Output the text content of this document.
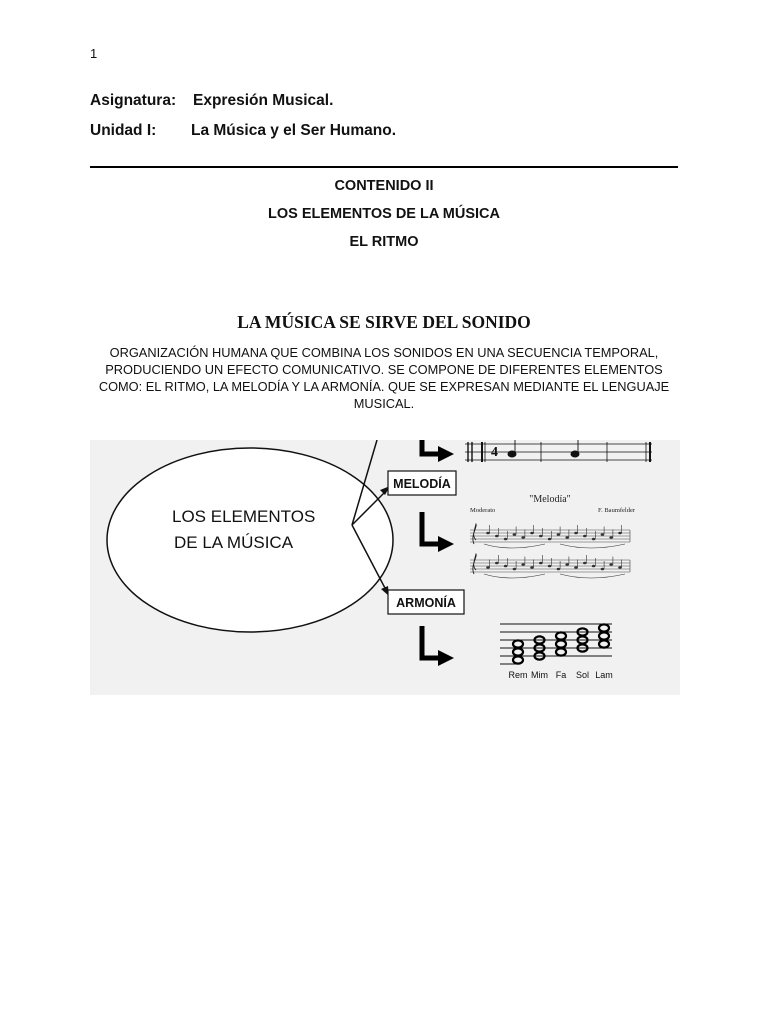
1
Asignatura: Expresión Musical.
Unidad I: La Música y el Ser Humano.
CONTENIDO II
LOS ELEMENTOS DE LA MÚSICA
EL RITMO
LA MÚSICA SE SIRVE DEL SONIDO
ORGANIZACIÓN HUMANA QUE COMBINA LOS SONIDOS EN UNA SECUENCIA TEMPORAL, PRODUCIENDO UN EFECTO COMUNICATIVO. SE COMPONE DE DIFERENTES ELEMENTOS COMO: EL RITMO, LA MELODÍA Y LA ARMONÍA. QUE SE EXPRESAN MEDIANTE EL LENGUAJE MUSICAL.
LOS ELEMENTOS
DE LA MÚSICA
MELODÍA
ARMONÍA
4
"Melodía"
Moderato	F. Baumfelder
Rem Mim Fa Sol Lam
